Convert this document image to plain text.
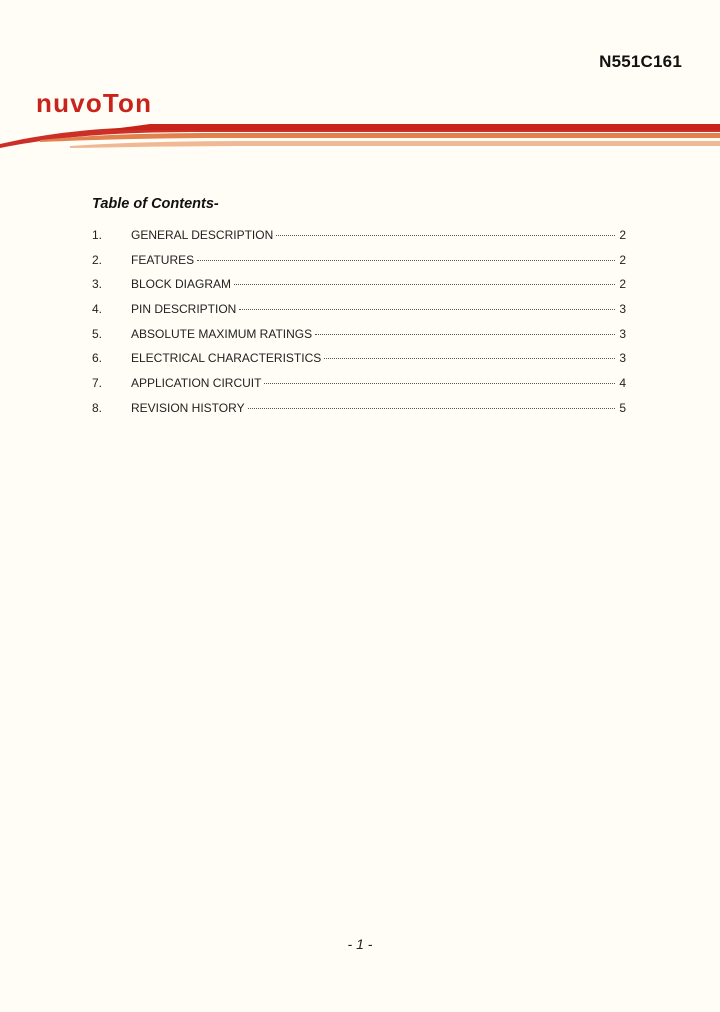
N551C161
nuvoTon
Table of Contents-
1.	GENERAL DESCRIPTION	2
2.	FEATURES	2
3.	BLOCK DIAGRAM	2
4.	PIN DESCRIPTION	3
5.	ABSOLUTE MAXIMUM RATINGS	3
6.	ELECTRICAL CHARACTERISTICS	3
7.	APPLICATION CIRCUIT	4
8.	REVISION HISTORY	5
- 1 -
